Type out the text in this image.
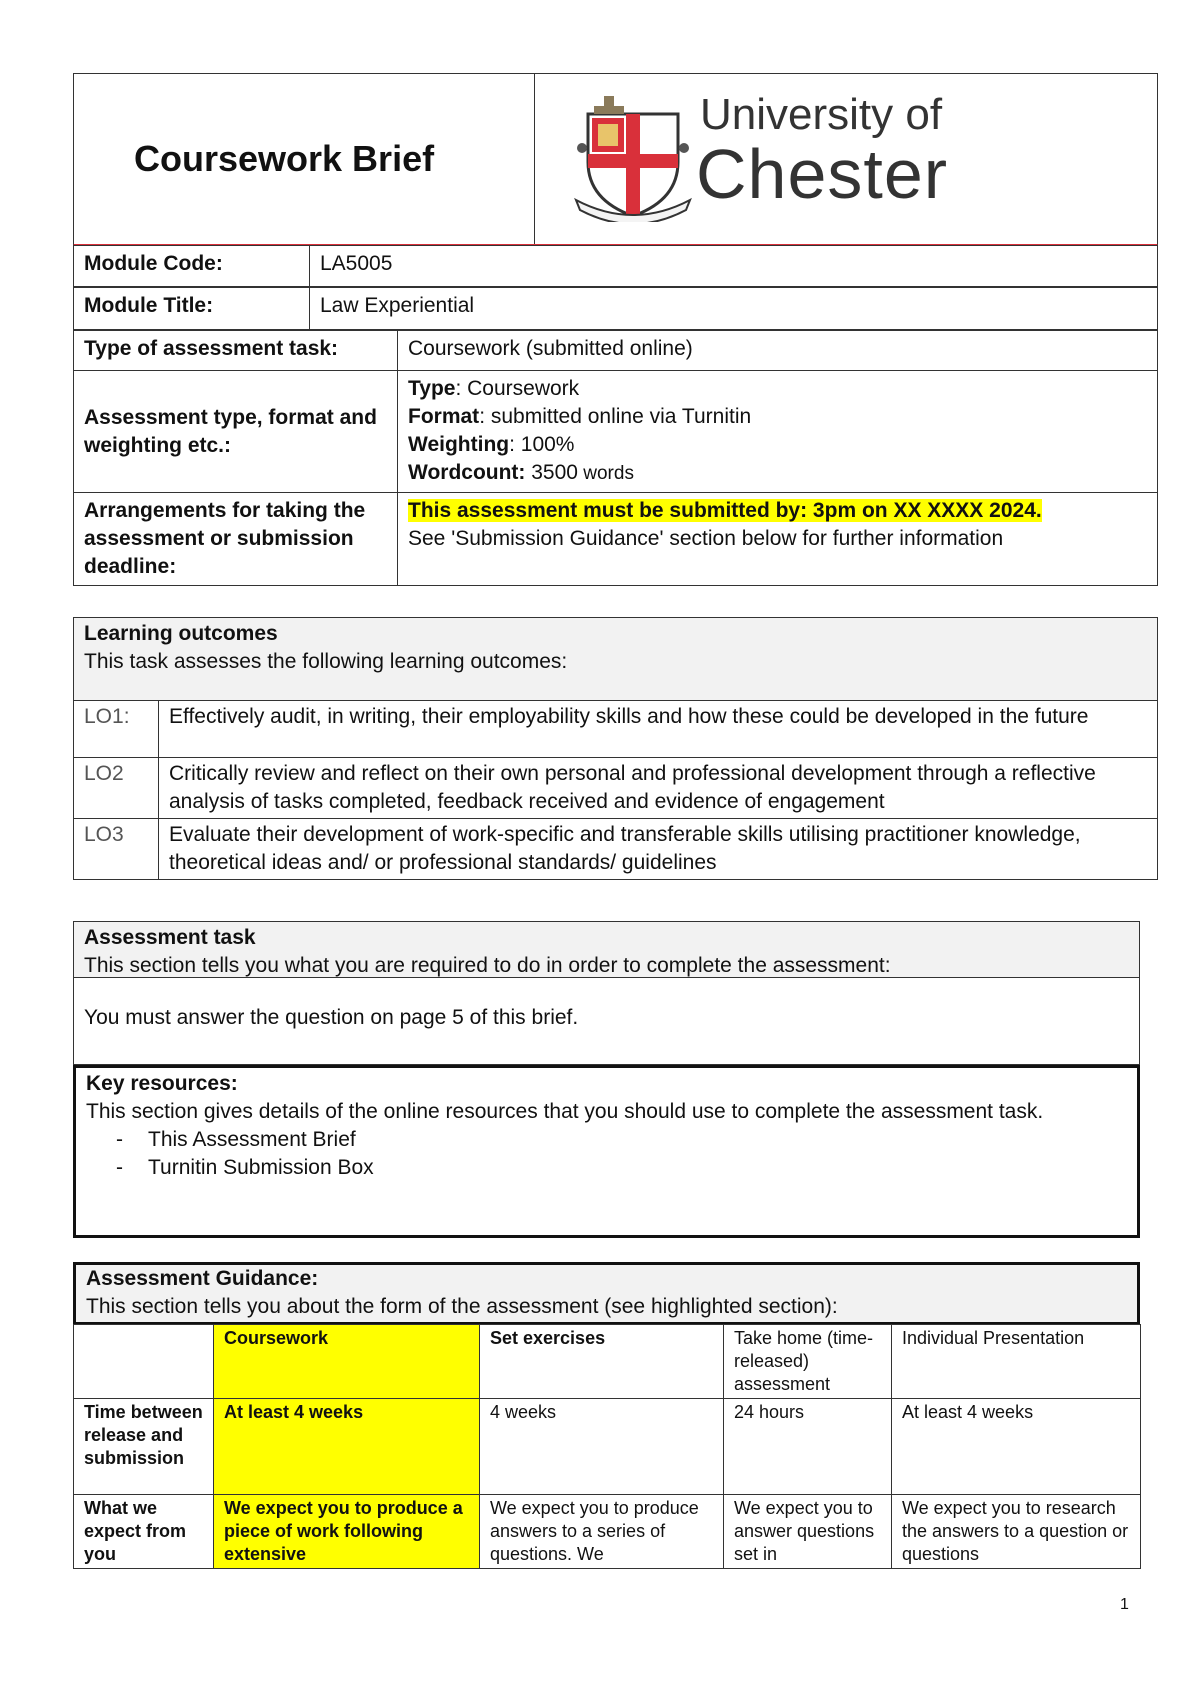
Coursework Brief
University of
Chester
Module Code:	LA5005
Module Title:	Law Experiential
Type of assessment task:	Coursework (submitted online)
Assessment type, format and weighting etc.:	Type: Coursework
Format: submitted online via Turnitin
Weighting: 100%
Wordcount: 3500 words

Arrangements for taking the assessment or submission deadline:	This assessment must be submitted by: 3pm on XX XXXX 2024.
See 'Submission Guidance' section below for further information
Learning outcomes
This task assesses the following learning outcomes:
LO1:	Effectively audit, in writing, their employability skills and how these could be developed in the future
LO2	Critically review and reflect on their own personal and professional development through a reflective analysis of tasks completed, feedback received and evidence of engagement
LO3	Evaluate their development of work-specific and transferable skills utilising practitioner knowledge, theoretical ideas and/ or professional standards/ guidelines
Assessment task
This section tells you what you are required to do in order to complete the assessment:
You must answer the question on page 5 of this brief.
Key resources:
This section gives details of the online resources that you should use to complete the assessment task.
- This Assessment Brief
- Turnitin Submission Box
Assessment Guidance:
This section tells you about the form of the assessment (see highlighted section):
	Coursework	Set exercises	Take home (time-released) assessment	Individual Presentation
Time between release and submission	At least 4 weeks	4 weeks	24 hours	At least 4 weeks
What we expect from you	We expect you to produce a piece of work following extensive	We expect you to produce answers to a series of questions. We	We expect you to answer questions set in	We expect you to research the answers to a question or questions
1
